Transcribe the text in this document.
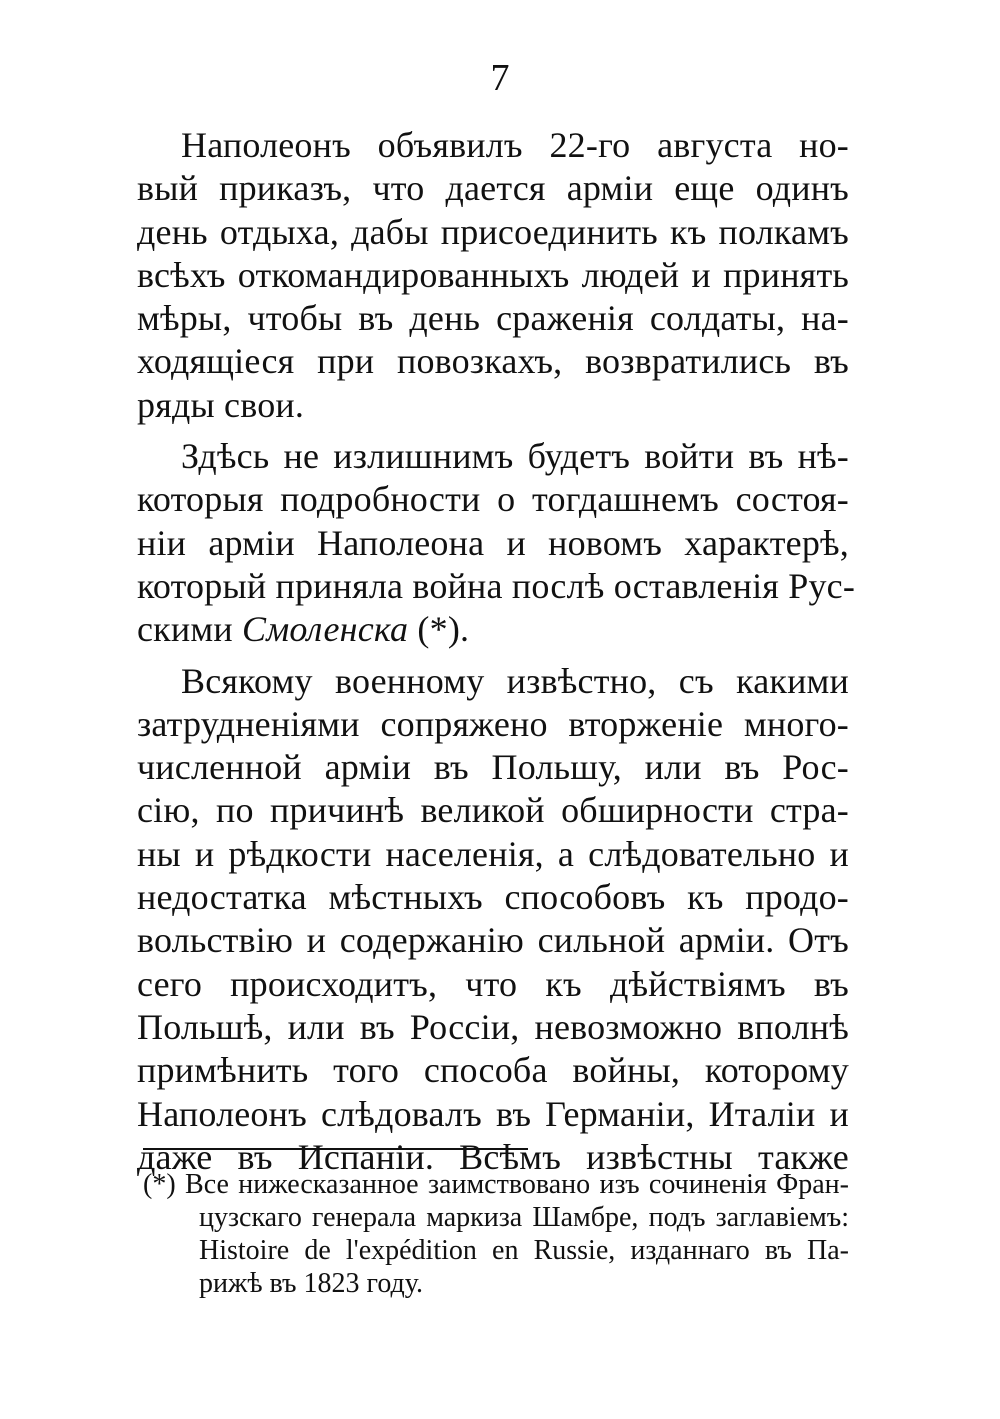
7
Наполеонъ объявилъ 22-го августа но-
вый приказъ, что дается арміи еще одинъ
день отдыха, дабы присоединить къ полкамъ
всѣхъ откомандированныхъ людей и принять
мѣры, чтобы въ день сраженія солдаты, на-
ходящіеся при повозкахъ, возвратились въ
ряды свои.
Здѣсь не излишнимъ будетъ войти въ нѣ-
которыя подробности о тогдашнемъ состоя-
ніи арміи Наполеона и новомъ характерѣ,
который приняла война послѣ оставленія Рус-
скими Смоленска (*).
Всякому военному извѣстно, съ какими
затрудненіями сопряжено вторженіе много-
численной арміи въ Польшу, или въ Рос-
сію, по причинѣ великой обширности стра-
ны и рѣдкости населенія, а слѣдовательно и
недостатка мѣстныхъ способовъ къ продо-
вольствію и содержанію сильной арміи. Отъ
сего происходитъ, что къ дѣйствіямъ въ
Польшѣ, или въ Россіи, невозможно вполнѣ
примѣнить того способа войны, которому
Наполеонъ слѣдовалъ въ Германіи, Италіи и
даже въ Испаніи. Всѣмъ извѣстны также
(*) Все нижесказанное заимствовано изъ сочиненія Фран-
цузскаго генерала маркиза Шамбре, подъ заглавіемъ:
Histoire de l'expédition en Russie, изданнаго въ Па-
рижѣ въ 1823 году.
